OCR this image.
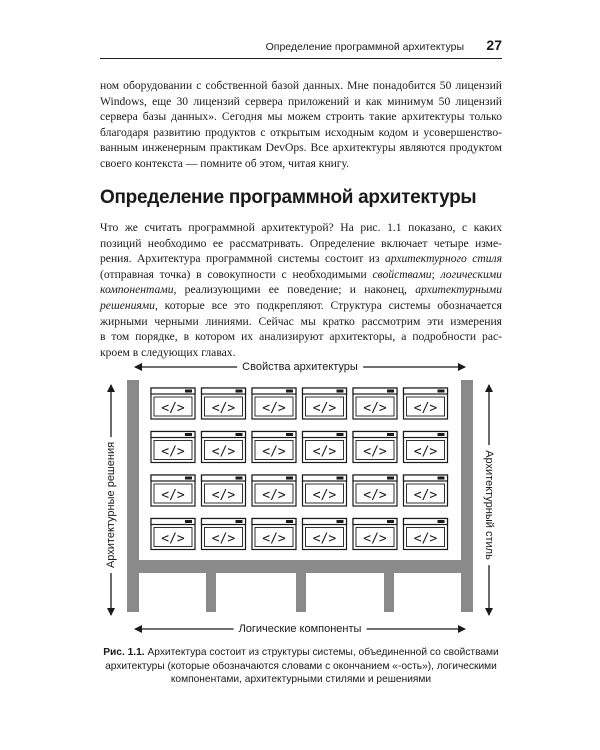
Определение программной архитектуры 27

ном оборудовании с собственной базой данных. Мне понадобится 50 лицензий
Windows, еще 30 лицензий сервера приложений и как минимум 50 лицензий
сервера базы данных». Сегодня мы можем строить такие архитектуры только
благодаря развитию продуктов с открытым исходным кодом и усовершенство-
ванным инженерным практикам DevOps. Все архитектуры являются продуктом
своего контекста — помните об этом, читая книгу.

Определение программной архитектуры

Что же считать программной архитектурой? На рис. 1.1 показано, с каких
позиций необходимо ее рассматривать. Определение включает четыре изме-
рения. Архитектура программной системы состоит из архитектурного стиля
(отправная точка) в совокупности с необходимыми свойствами; логическими
компонентами, реализующими ее поведение; и наконец, архитектурными
решениями, которые все это подкрепляют. Структура системы обозначается
жирными черными линиями. Сейчас мы кратко рассмотрим эти измерения
в том порядке, в котором их анализируют архитекторы, а подробности рас-
кроем в следующих главах.

</> </> </> </> </> </>
</> </> </> </> </> </>
</> </> </> </> </> </>
</> </> </> </> </> </>
Свойства архитектуры
Логические компоненты
Архитектурные решения	Архитектурный стиль

Рис. 1.1. Архитектура состоит из структуры системы, объединенной со свойствами архитектуры (которые обозначаются словами с окончанием «-ость»), логическими компонентами, архитектурными стилями и решениями
